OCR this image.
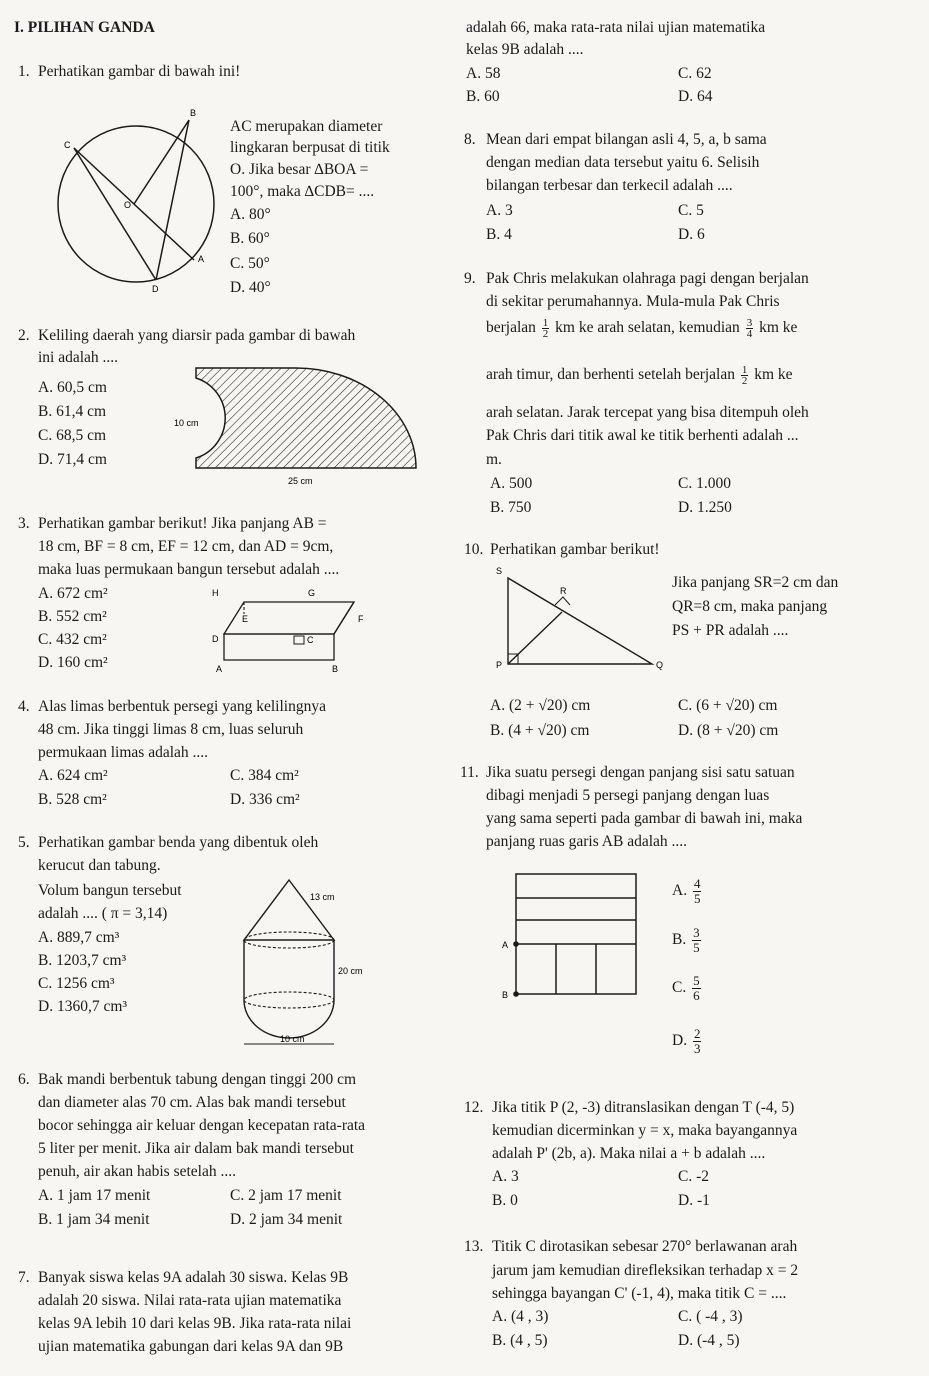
I. PILIHAN GANDA
1. Perhatikan gambar di bawah ini!
B
C
O
A
D
AC merupakan diameter
lingkaran berpusat di titik
O. Jika besar ∆BOA =
100°, maka ∆CDB= ....
A. 80°
B. 60°
C. 50°
D. 40°
2. Keliling daerah yang diarsir pada gambar di bawah
ini adalah ....
A. 60,5 cm
B. 61,4 cm
C. 68,5 cm
D. 71,4 cm
10 cm
25 cm
3. Perhatikan gambar berikut! Jika panjang AB =
18 cm, BF = 8 cm, EF = 12 cm, dan AD = 9cm,
maka luas permukaan bangun tersebut adalah ....
A. 672 cm²
B. 552 cm²
C. 432 cm²
D. 160 cm²
H	G
E	F
D	C
A	B
4. Alas limas berbentuk persegi yang kelilingnya
48 cm. Jika tinggi limas 8 cm, luas seluruh
permukaan limas adalah ....
A. 624 cm²	C. 384 cm²
B. 528 cm²	D. 336 cm²
5. Perhatikan gambar benda yang dibentuk oleh
kerucut dan tabung.
Volum bangun tersebut
adalah .... ( π = 3,14)
A. 889,7 cm³
B. 1203,7 cm³
C. 1256 cm³
D. 1360,7 cm³
13 cm
20 cm
10 cm
6. Bak mandi berbentuk tabung dengan tinggi 200 cm
dan diameter alas 70 cm. Alas bak mandi tersebut
bocor sehingga air keluar dengan kecepatan rata-rata
5 liter per menit. Jika air dalam bak mandi tersebut
penuh, air akan habis setelah ....
A. 1 jam 17 menit	C. 2 jam 17 menit
B. 1 jam 34 menit	D. 2 jam 34 menit
7. Banyak siswa kelas 9A adalah 30 siswa. Kelas 9B
adalah 20 siswa. Nilai rata-rata ujian matematika
kelas 9A lebih 10 dari kelas 9B. Jika rata-rata nilai
ujian matematika gabungan dari kelas 9A dan 9B
adalah 66, maka rata-rata nilai ujian matematika
kelas 9B adalah ....
A. 58	C. 62
B. 60	D. 64
8. Mean dari empat bilangan asli 4, 5, a, b sama
dengan median data tersebut yaitu 6. Selisih
bilangan terbesar dan terkecil adalah ....
A. 3	C. 5
B. 4	D. 6
9. Pak Chris melakukan olahraga pagi dengan berjalan
di sekitar perumahannya. Mula-mula Pak Chris
berjalan $\frac{1}{2}$ km ke arah selatan, kemudian $\frac{3}{4}$ km ke
arah timur, dan berhenti setelah berjalan $\frac{1}{2}$ km ke
arah selatan. Jarak tercepat yang bisa ditempuh oleh
Pak Chris dari titik awal ke titik berhenti adalah ...
m.
A. 500	C. 1.000
B. 750	D. 1.250
10. Perhatikan gambar berikut!
S
R
P	Q
Jika panjang SR=2 cm dan
QR=8 cm, maka panjang
PS + PR adalah ....
A. (2 + √20) cm	C. (6 + √20) cm
B. (4 + √20) cm	D. (8 + √20) cm
11. Jika suatu persegi dengan panjang sisi satu satuan
dibagi menjadi 5 persegi panjang dengan luas
yang sama seperti pada gambar di bawah ini, maka
panjang ruas garis AB adalah ....
A
B
A. $\frac{4}{5}$
B. $\frac{3}{5}$
C. $\frac{5}{6}$
D. $\frac{2}{3}$
12. Jika titik P (2, -3) ditranslasikan dengan T (-4, 5)
kemudian dicerminkan y = x, maka bayangannya
adalah P' (2b, a). Maka nilai a + b adalah ....
A. 3	C. -2
B. 0	D. -1
13. Titik C dirotasikan sebesar 270° berlawanan arah
jarum jam kemudian direfleksikan terhadap x = 2
sehingga bayangan C' (-1, 4), maka titik C = ....
A. (4 , 3)	C. ( -4 , 3)
B. (4 , 5)	D. (-4 , 5)
